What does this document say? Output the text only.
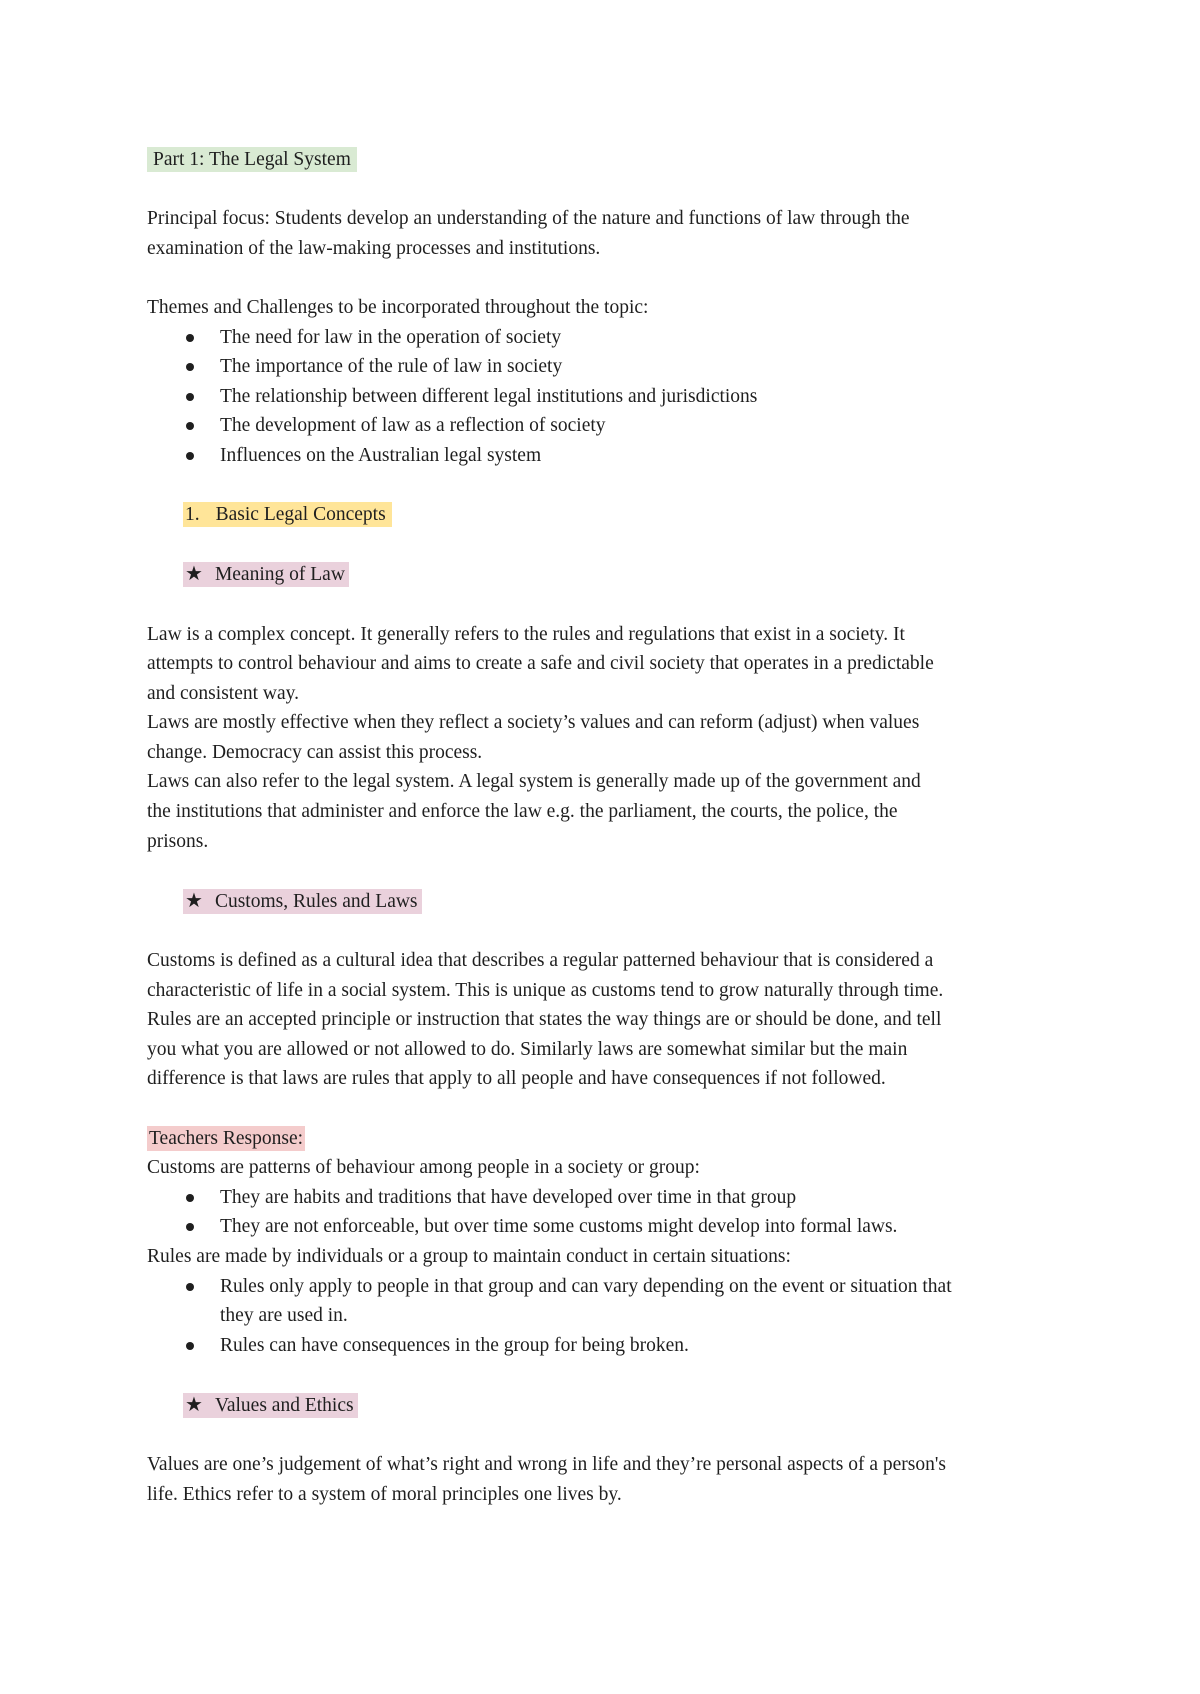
Part 1: The Legal System
Principal focus: Students develop an understanding of the nature and functions of law through the
examination of the law-making processes and institutions.
Themes and Challenges to be incorporated throughout the topic:
The need for law in the operation of society
The importance of the rule of law in society
The relationship between different legal institutions and jurisdictions
The development of law as a reflection of society
Influences on the Australian legal system
1. Basic Legal Concepts
★ Meaning of Law
Law is a complex concept. It generally refers to the rules and regulations that exist in a society. It
attempts to control behaviour and aims to create a safe and civil society that operates in a predictable
and consistent way.
Laws are mostly effective when they reflect a society’s values and can reform (adjust) when values
change. Democracy can assist this process.
Laws can also refer to the legal system. A legal system is generally made up of the government and
the institutions that administer and enforce the law e.g. the parliament, the courts, the police, the
prisons.
★ Customs, Rules and Laws
Customs is defined as a cultural idea that describes a regular patterned behaviour that is considered a
characteristic of life in a social system. This is unique as customs tend to grow naturally through time.
Rules are an accepted principle or instruction that states the way things are or should be done, and tell
you what you are allowed or not allowed to do. Similarly laws are somewhat similar but the main
difference is that laws are rules that apply to all people and have consequences if not followed.
Teachers Response:
Customs are patterns of behaviour among people in a society or group:
They are habits and traditions that have developed over time in that group
They are not enforceable, but over time some customs might develop into formal laws.
Rules are made by individuals or a group to maintain conduct in certain situations:
Rules only apply to people in that group and can vary depending on the event or situation that
they are used in.
Rules can have consequences in the group for being broken.
★ Values and Ethics
Values are one’s judgement of what’s right and wrong in life and they’re personal aspects of a person's
life. Ethics refer to a system of moral principles one lives by.
